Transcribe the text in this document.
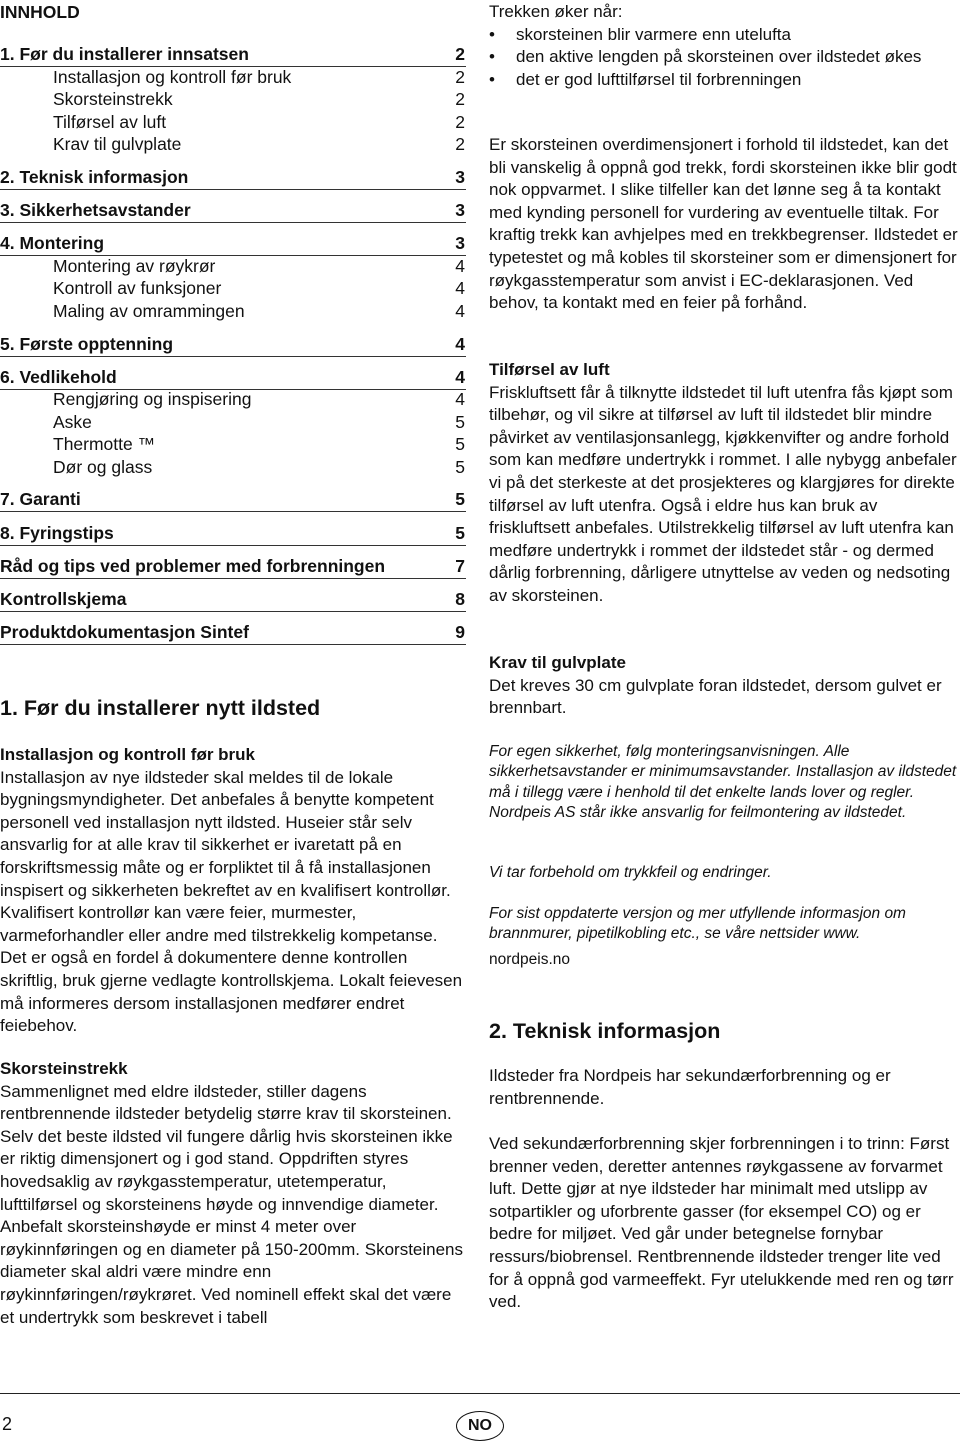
INNHOLD
1. Før du installerer innsatsen	2
Installasjon og kontroll før bruk	2
Skorsteinstrekk	2
Tilførsel av luft	2
Krav til gulvplate	2
2. Teknisk informasjon	3
3. Sikkerhetsavstander	3
4. Montering	3
Montering av røykrør	4
Kontroll av funksjoner	4
Maling av omrammingen	4
5. Første opptenning	4
6. Vedlikehold	4
Rengjøring og inspisering	4
Aske	5
Thermotte ™	5
Dør og glass	5
7. Garanti	5
8. Fyringstips	5
Råd og tips ved problemer med forbrenningen	7
Kontrollskjema	8
Produktdokumentasjon Sintef	9
1. Før du installerer nytt ildsted
Installasjon og kontroll før bruk

Installasjon av nye ildsteder skal meldes til de lokale bygningsmyndigheter. Det anbefales å benytte kompetent personell ved installasjon nytt ildsted. Huseier står selv ansvarlig for at alle krav til sikkerhet er ivaretatt på en forskriftsmessig måte og er forpliktet til å få installasjonen inspisert og sikkerheten bekreftet av en kvalifisert kontrollør. Kvalifisert kontrollør kan være feier, murmester, varmeforhandler eller andre med tilstrekkelig kompetanse. Det er også en fordel å dokumentere denne kontrollen skriftlig, bruk gjerne vedlagte kontrollskjema. Lokalt feievesen må informeres dersom installasjonen medfører endret feiebehov.

Skorsteinstrekk

Sammenlignet med eldre ildsteder, stiller dagens rentbrennende ildsteder betydelig større krav til skorsteinen. Selv det beste ildsted vil fungere dårlig hvis skorsteinen ikke er riktig dimensjonert og i god stand. Oppdriften styres hovedsaklig av røykgasstemperatur, utetemperatur, lufttilførsel og skorsteinens høyde og innvendige diameter. Anbefalt skorsteinshøyde er minst 4 meter over røykinnføringen og en diameter på 150-200mm. Skorsteinens diameter skal aldri være mindre enn røykinnføringen/røykrøret. Ved nominell effekt skal det være et undertrykk som beskrevet i tabell

Trekken øker når:

• skorsteinen blir varmere enn utelufta
• den aktive lengden på skorsteinen over ildstedet økes
• det er god lufttilførsel til forbrenningen

Er skorsteinen overdimensjonert i forhold til ildstedet, kan det bli vanskelig å oppnå god trekk, fordi skorsteinen ikke blir godt nok oppvarmet. I slike tilfeller kan det lønne seg å ta kontakt med kynding personell for vurdering av eventuelle tiltak. For kraftig trekk kan avhjelpes med en trekkbegrenser. Ildstedet er typetestet og må kobles til skorsteiner som er dimensjonert for røykgasstemperatur som anvist i EC-deklarasjonen. Ved behov, ta kontakt med en feier på forhånd.

Tilførsel av luft

Friskluftsett får å tilknytte ildstedet til luft utenfra fås kjøpt som tilbehør, og vil sikre at tilførsel av luft til ildstedet blir mindre påvirket av ventilasjonsanlegg, kjøkkenvifter og andre forhold som kan medføre undertrykk i rommet. I alle nybygg anbefaler vi på det sterkeste at det prosjekteres og klargjøres for direkte tilførsel av luft utenfra. Også i eldre hus kan bruk av friskluftsett anbefales. Utilstrekkelig tilførsel av luft utenfra kan medføre undertrykk i rommet der ildstedet står - og dermed dårlig forbrenning, dårligere utnyttelse av veden og nedsoting av skorsteinen.

Krav til gulvplate

Det kreves 30 cm gulvplate foran ildstedet, dersom gulvet er brennbart.

For egen sikkerhet, følg monteringsanvisningen. Alle sikkerhetsavstander er minimumsavstander. Installasjon av ildstedet må i tillegg være i henhold til det enkelte lands lover og regler. Nordpeis AS står ikke ansvarlig for feilmontering av ildstedet.
Vi tar forbehold om trykkfeil og endringer.
For sist oppdaterte versjon og mer utfyllende informasjon om brannmurer, pipetilkobling etc., se våre nettsider www.
nordpeis.no
2. Teknisk informasjon
Ildsteder fra Nordpeis har sekundærforbrenning og er rentbrennende.
Ved sekundærforbrenning skjer forbrenningen i to trinn: Først brenner veden, deretter antennes røykgassene av forvarmet luft. Dette gjør at nye ildsteder har minimalt med utslipp av sotpartikler og uforbrente gasser (for eksempel CO) og er bedre for miljøet. Ved går under betegnelse fornybar ressurs/biobrensel. Rentbrennende ildsteder trenger lite ved for å oppnå god varmeeffekt. Fyr utelukkende med ren og tørr ved.
2	NO
